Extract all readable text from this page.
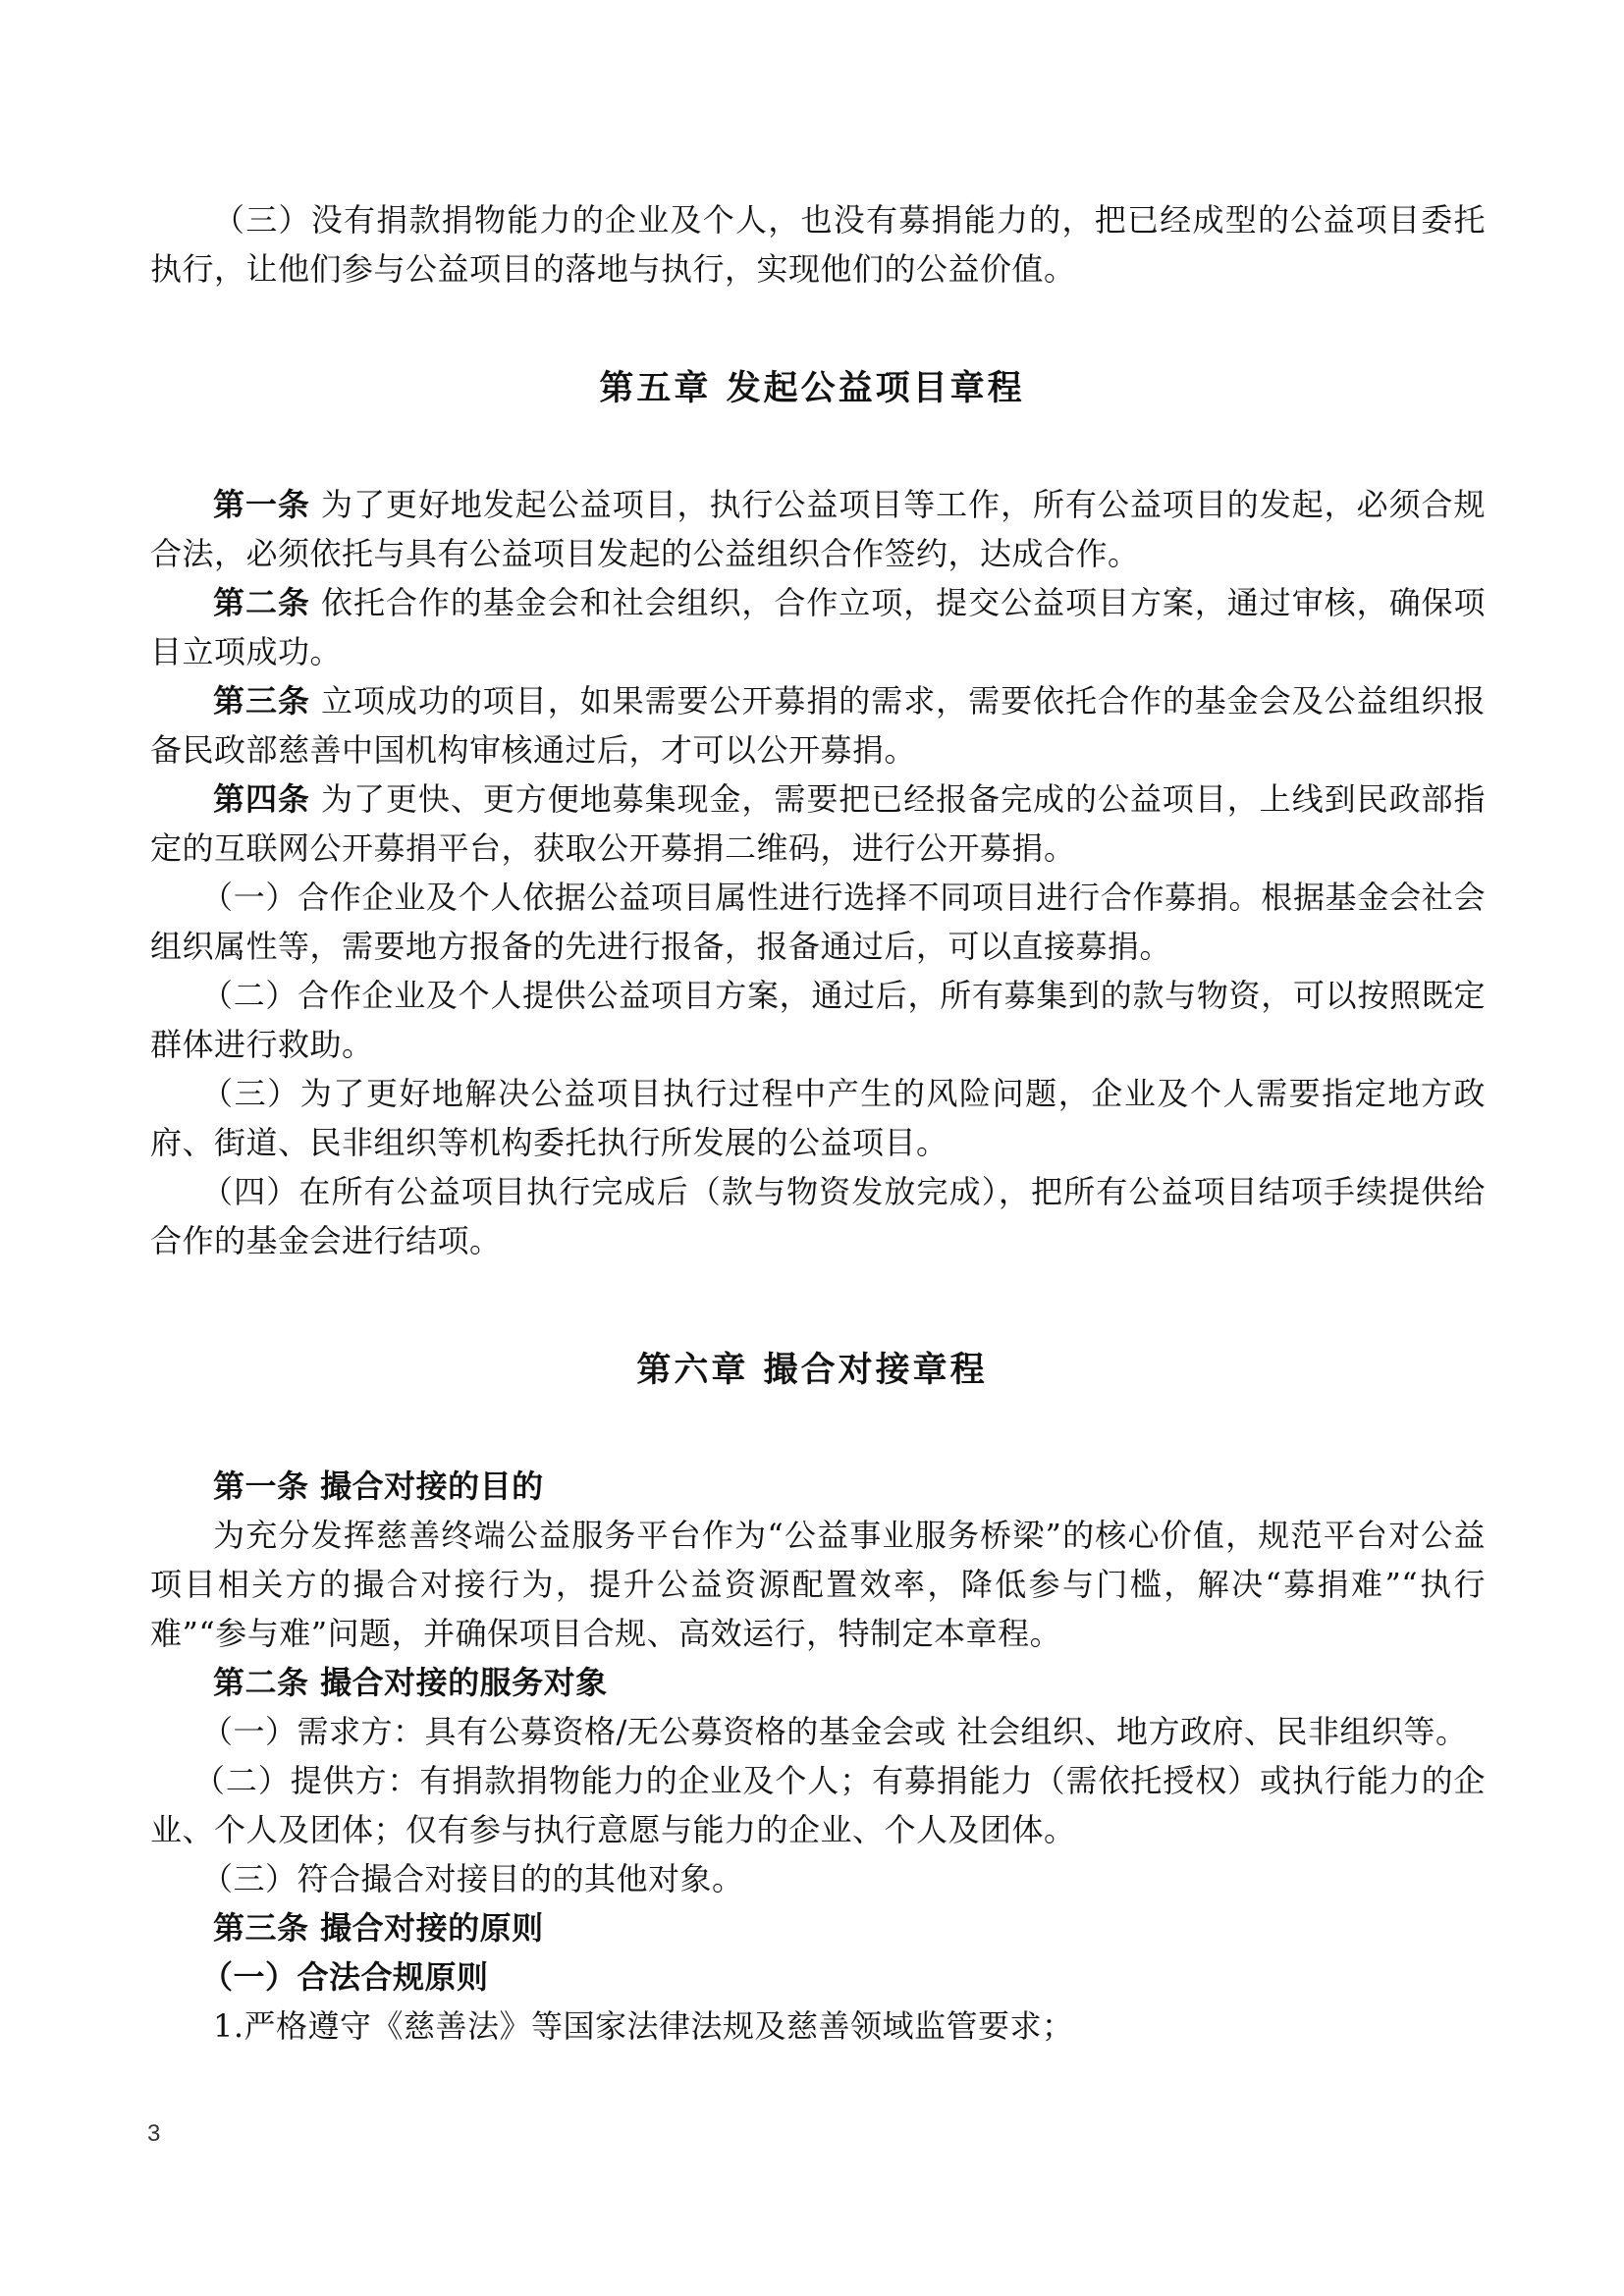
（三）没有捐款捐物能力的企业及个人，也没有募捐能力的，把已经成型的公益项目委托执行，让他们参与公益项目的落地与执行，实现他们的公益价值。

第五章 发起公益项目章程

第一条 为了更好地发起公益项目，执行公益项目等工作，所有公益项目的发起，必须合规合法，必须依托与具有公益项目发起的公益组织合作签约，达成合作。

第二条 依托合作的基金会和社会组织，合作立项，提交公益项目方案，通过审核，确保项目立项成功。

第三条 立项成功的项目，如果需要公开募捐的需求，需要依托合作的基金会及公益组织报备民政部慈善中国机构审核通过后，才可以公开募捐。

第四条 为了更快、更方便地募集现金，需要把已经报备完成的公益项目，上线到民政部指定的互联网公开募捐平台，获取公开募捐二维码，进行公开募捐。

（一）合作企业及个人依据公益项目属性进行选择不同项目进行合作募捐。根据基金会社会组织属性等，需要地方报备的先进行报备，报备通过后，可以直接募捐。

（二）合作企业及个人提供公益项目方案，通过后，所有募集到的款与物资，可以按照既定群体进行救助。

（三）为了更好地解决公益项目执行过程中产生的风险问题，企业及个人需要指定地方政府、街道、民非组织等机构委托执行所发展的公益项目。

（四）在所有公益项目执行完成后（款与物资发放完成），把所有公益项目结项手续提供给合作的基金会进行结项。

第六章 撮合对接章程

第一条 撮合对接的目的

为充分发挥慈善终端公益服务平台作为“公益事业服务桥梁”的核心价值，规范平台对公益项目相关方的撮合对接行为，提升公益资源配置效率，降低参与门槛，解决“募捐难”“执行难”“参与难”问题，并确保项目合规、高效运行，特制定本章程。

第二条 撮合对接的服务对象

（一）需求方：具有公募资格/无公募资格的基金会或 社会组织、地方政府、民非组织等。

（二）提供方：有捐款捐物能力的企业及个人；有募捐能力（需依托授权）或执行能力的企业、个人及团体；仅有参与执行意愿与能力的企业、个人及团体。

（三）符合撮合对接目的的其他对象。

第三条 撮合对接的原则

（一）合法合规原则

1.严格遵守《慈善法》等国家法律法规及慈善领域监管要求；

3
